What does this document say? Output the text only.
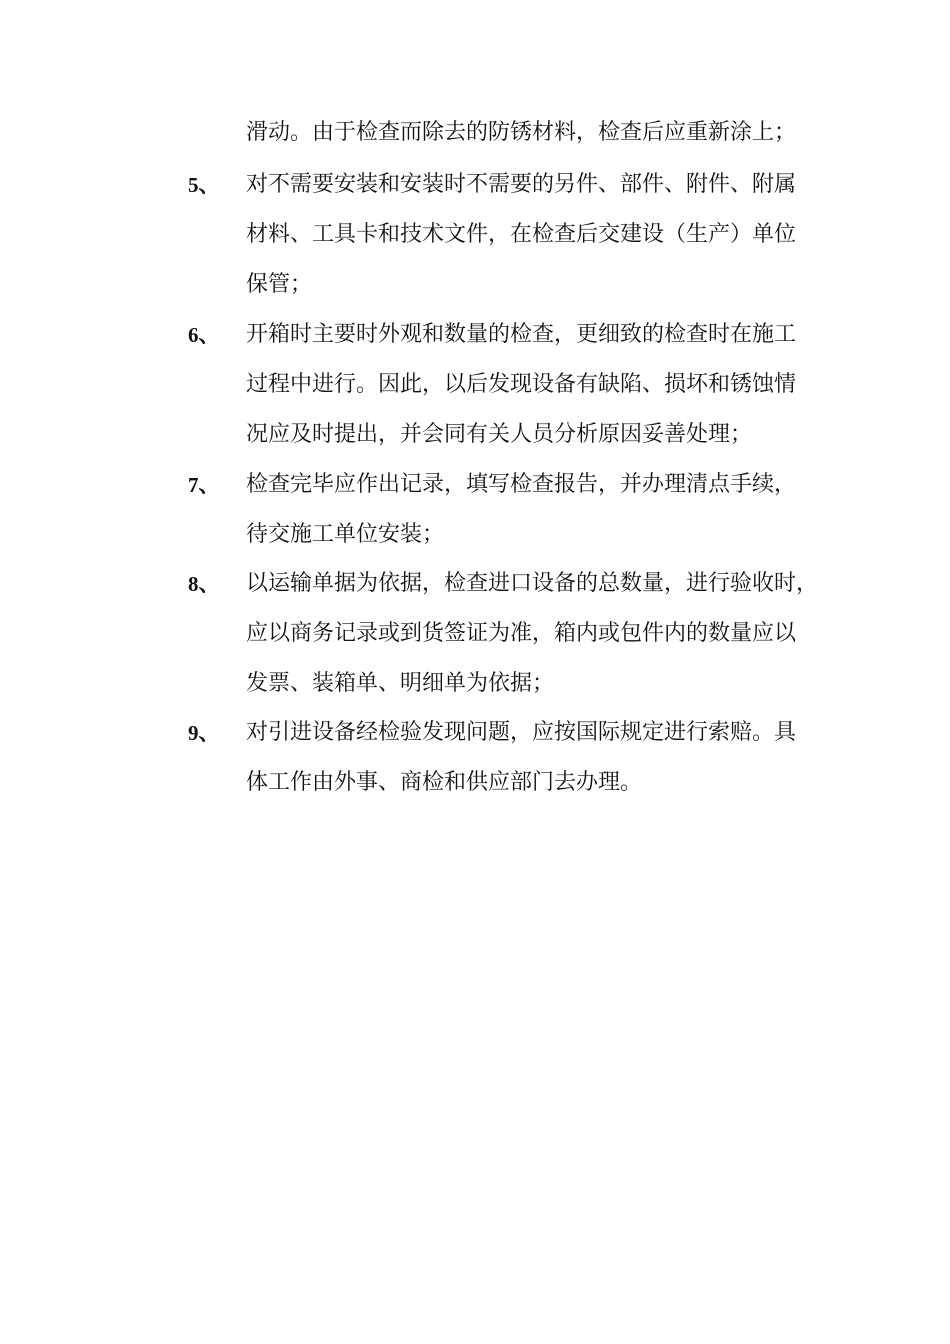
滑动。由于检查而除去的防锈材料，检查后应重新涂上；
5、	对不需要安装和安装时不需要的另件、部件、附件、附属
材料、工具卡和技术文件，在检查后交建设（生产）单位
保管；
6、	开箱时主要时外观和数量的检查，更细致的检查时在施工
过程中进行。因此，以后发现设备有缺陷、损坏和锈蚀情
况应及时提出，并会同有关人员分析原因妥善处理；
7、	检查完毕应作出记录，填写检查报告，并办理清点手续，
待交施工单位安装；
8、	以运输单据为依据，检查进口设备的总数量，进行验收时，
应以商务记录或到货签证为准，箱内或包件内的数量应以
发票、装箱单、明细单为依据；
9、	对引进设备经检验发现问题，应按国际规定进行索赔。具
体工作由外事、商检和供应部门去办理。
